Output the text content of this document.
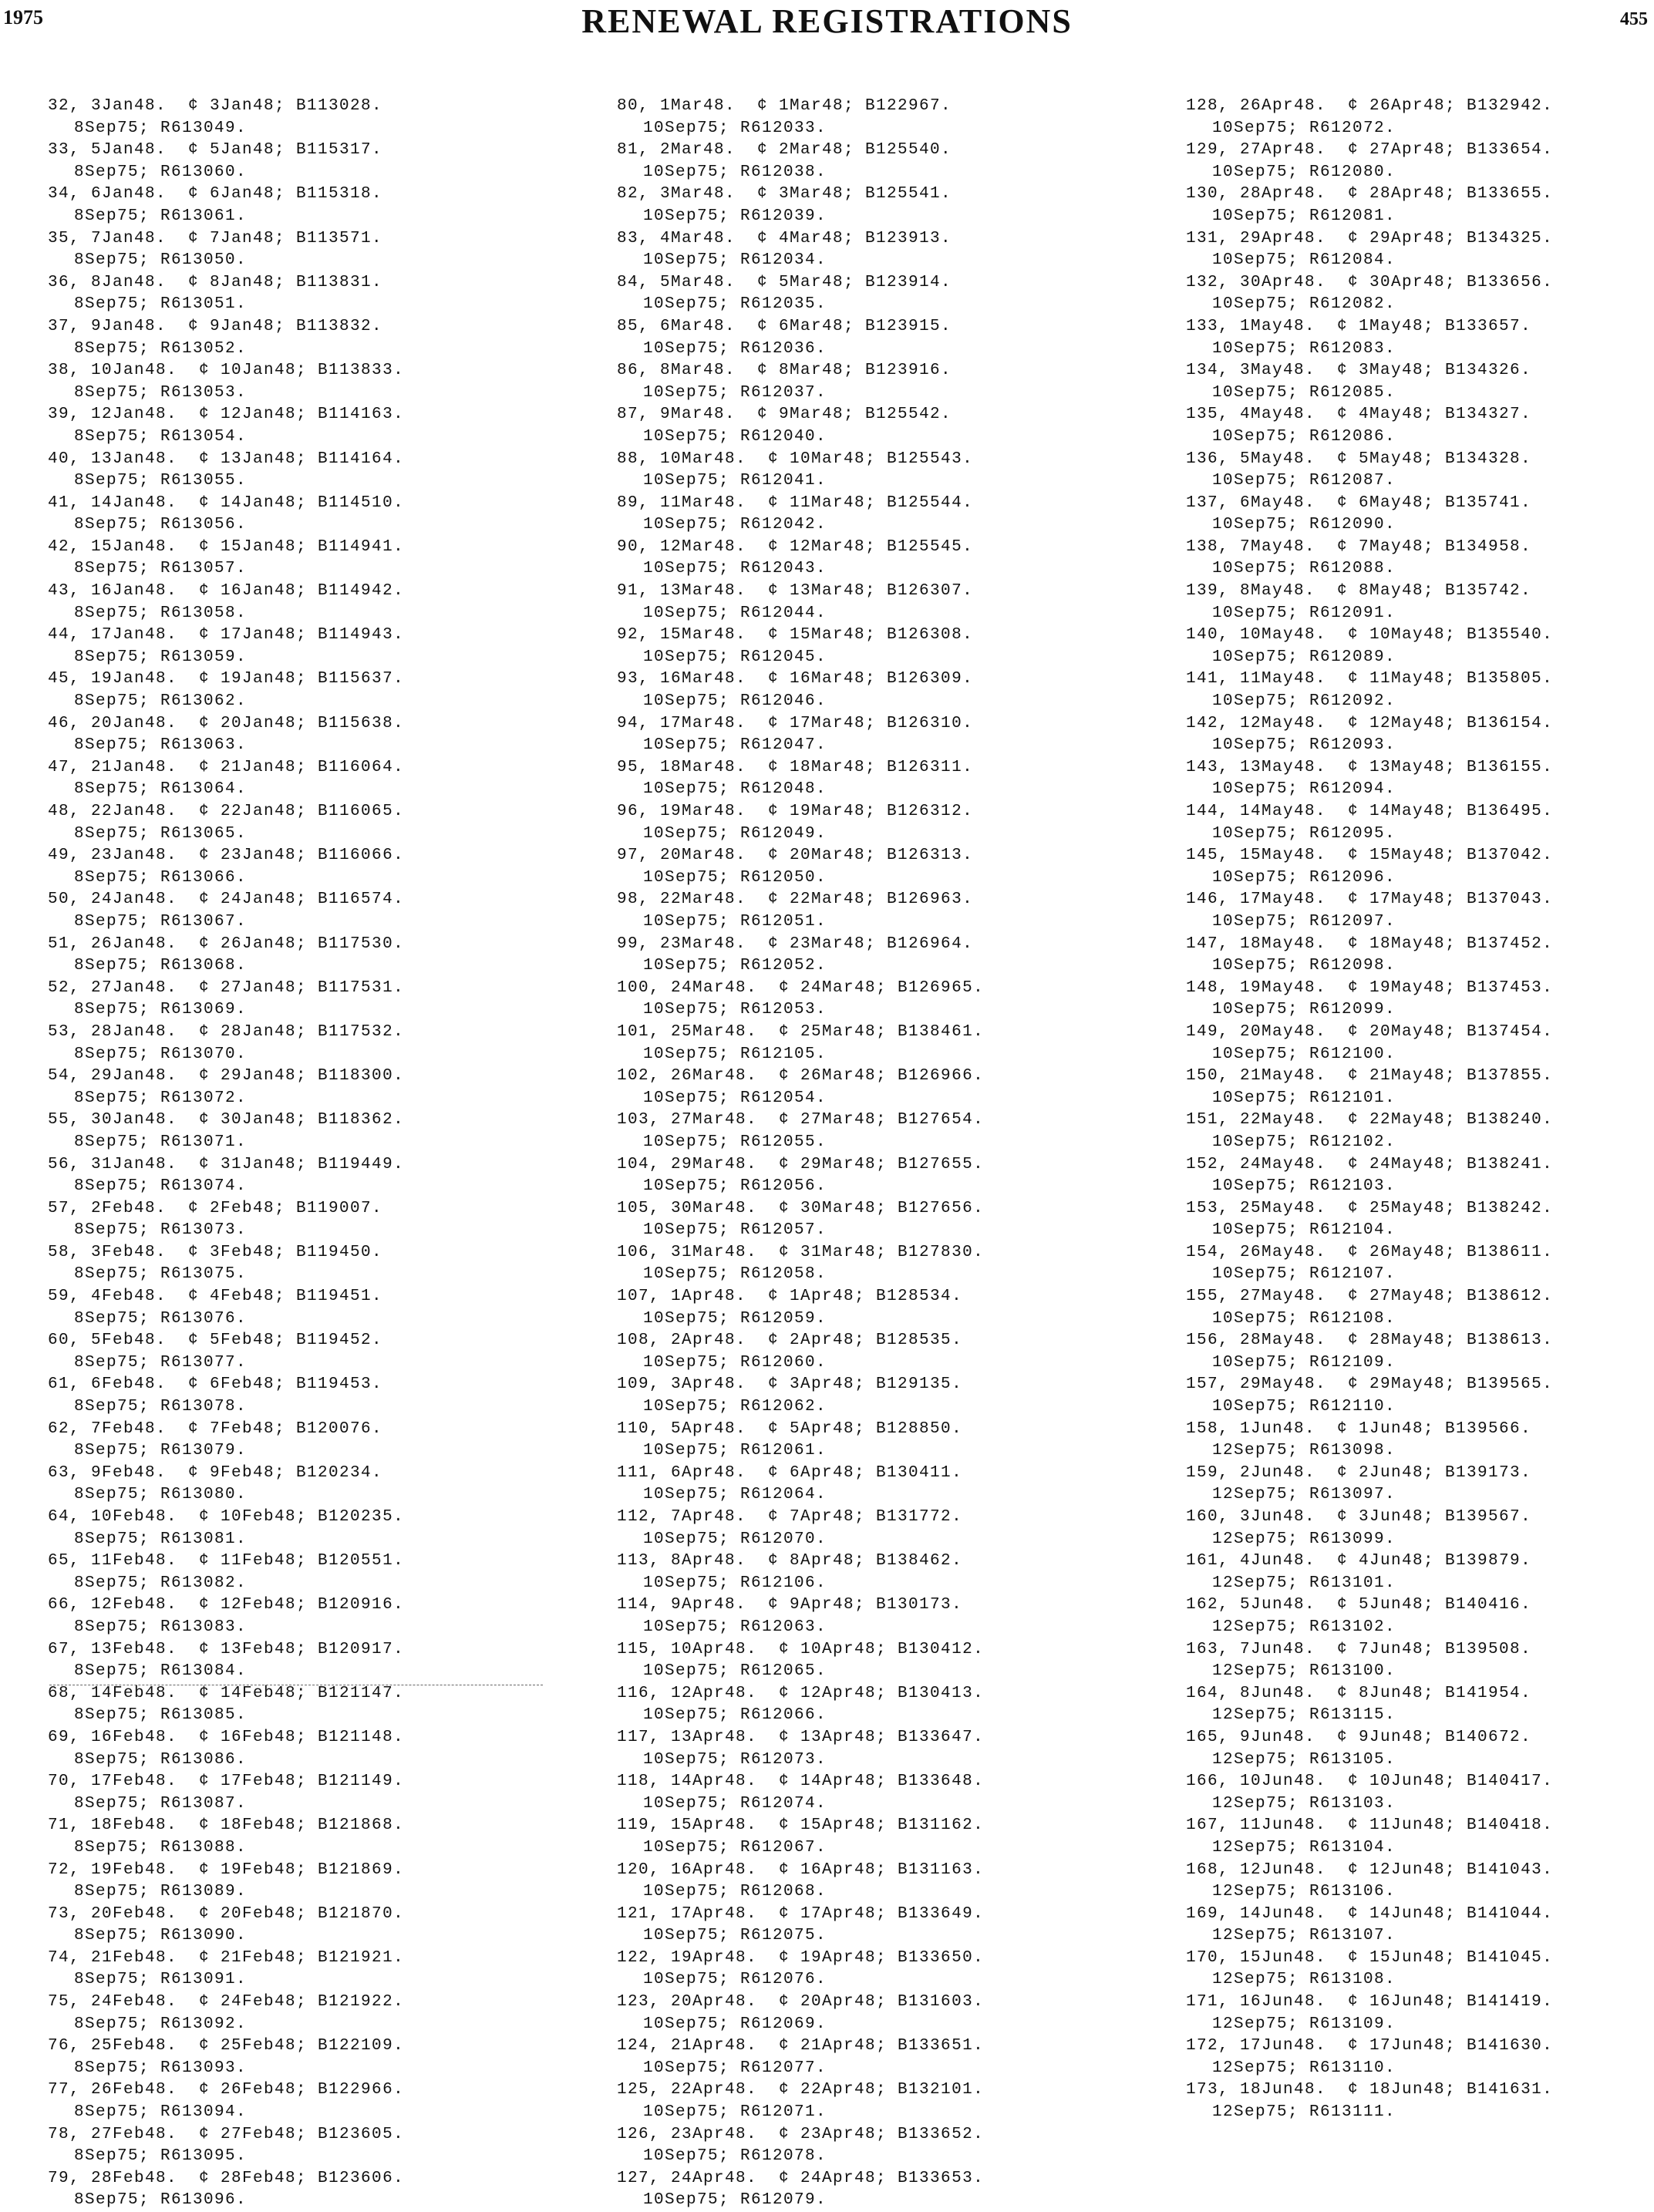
1975	RENEWAL REGISTRATIONS	455
32, 3Jan48.  ¢ 3Jan48; B113028.
8Sep75; R613049.
33, 5Jan48.  ¢ 5Jan48; B115317.
8Sep75; R613060.
34, 6Jan48.  ¢ 6Jan48; B115318.
8Sep75; R613061.
35, 7Jan48.  ¢ 7Jan48; B113571.
8Sep75; R613050.
36, 8Jan48.  ¢ 8Jan48; B113831.
8Sep75; R613051.
37, 9Jan48.  ¢ 9Jan48; B113832.
8Sep75; R613052.
38, 10Jan48.  ¢ 10Jan48; B113833.
8Sep75; R613053.
39, 12Jan48.  ¢ 12Jan48; B114163.
8Sep75; R613054.
40, 13Jan48.  ¢ 13Jan48; B114164.
8Sep75; R613055.
41, 14Jan48.  ¢ 14Jan48; B114510.
8Sep75; R613056.
42, 15Jan48.  ¢ 15Jan48; B114941.
8Sep75; R613057.
43, 16Jan48.  ¢ 16Jan48; B114942.
8Sep75; R613058.
44, 17Jan48.  ¢ 17Jan48; B114943.
8Sep75; R613059.
45, 19Jan48.  ¢ 19Jan48; B115637.
8Sep75; R613062.
46, 20Jan48.  ¢ 20Jan48; B115638.
8Sep75; R613063.
47, 21Jan48.  ¢ 21Jan48; B116064.
8Sep75; R613064.
48, 22Jan48.  ¢ 22Jan48; B116065.
8Sep75; R613065.
49, 23Jan48.  ¢ 23Jan48; B116066.
8Sep75; R613066.
50, 24Jan48.  ¢ 24Jan48; B116574.
8Sep75; R613067.
51, 26Jan48.  ¢ 26Jan48; B117530.
8Sep75; R613068.
52, 27Jan48.  ¢ 27Jan48; B117531.
8Sep75; R613069.
53, 28Jan48.  ¢ 28Jan48; B117532.
8Sep75; R613070.
54, 29Jan48.  ¢ 29Jan48; B118300.
8Sep75; R613072.
55, 30Jan48.  ¢ 30Jan48; B118362.
8Sep75; R613071.
56, 31Jan48.  ¢ 31Jan48; B119449.
8Sep75; R613074.
57, 2Feb48.  ¢ 2Feb48; B119007.
8Sep75; R613073.
58, 3Feb48.  ¢ 3Feb48; B119450.
8Sep75; R613075.
59, 4Feb48.  ¢ 4Feb48; B119451.
8Sep75; R613076.
60, 5Feb48.  ¢ 5Feb48; B119452.
8Sep75; R613077.
61, 6Feb48.  ¢ 6Feb48; B119453.
8Sep75; R613078.
62, 7Feb48.  ¢ 7Feb48; B120076.
8Sep75; R613079.
63, 9Feb48.  ¢ 9Feb48; B120234.
8Sep75; R613080.
64, 10Feb48.  ¢ 10Feb48; B120235.
8Sep75; R613081.
65, 11Feb48.  ¢ 11Feb48; B120551.
8Sep75; R613082.
66, 12Feb48.  ¢ 12Feb48; B120916.
8Sep75; R613083.
67, 13Feb48.  ¢ 13Feb48; B120917.
8Sep75; R613084.
68, 14Feb48.  ¢ 14Feb48; B121147.
8Sep75; R613085.
69, 16Feb48.  ¢ 16Feb48; B121148.
8Sep75; R613086.
70, 17Feb48.  ¢ 17Feb48; B121149.
8Sep75; R613087.
71, 18Feb48.  ¢ 18Feb48; B121868.
8Sep75; R613088.
72, 19Feb48.  ¢ 19Feb48; B121869.
8Sep75; R613089.
73, 20Feb48.  ¢ 20Feb48; B121870.
8Sep75; R613090.
74, 21Feb48.  ¢ 21Feb48; B121921.
8Sep75; R613091.
75, 24Feb48.  ¢ 24Feb48; B121922.
8Sep75; R613092.
76, 25Feb48.  ¢ 25Feb48; B122109.
8Sep75; R613093.
77, 26Feb48.  ¢ 26Feb48; B122966.
8Sep75; R613094.
78, 27Feb48.  ¢ 27Feb48; B123605.
8Sep75; R613095.
79, 28Feb48.  ¢ 28Feb48; B123606.
8Sep75; R613096.
80, 1Mar48.  ¢ 1Mar48; B122967.
10Sep75; R612033.
81, 2Mar48.  ¢ 2Mar48; B125540.
10Sep75; R612038.
82, 3Mar48.  ¢ 3Mar48; B125541.
10Sep75; R612039.
83, 4Mar48.  ¢ 4Mar48; B123913.
10Sep75; R612034.
84, 5Mar48.  ¢ 5Mar48; B123914.
10Sep75; R612035.
85, 6Mar48.  ¢ 6Mar48; B123915.
10Sep75; R612036.
86, 8Mar48.  ¢ 8Mar48; B123916.
10Sep75; R612037.
87, 9Mar48.  ¢ 9Mar48; B125542.
10Sep75; R612040.
88, 10Mar48.  ¢ 10Mar48; B125543.
10Sep75; R612041.
89, 11Mar48.  ¢ 11Mar48; B125544.
10Sep75; R612042.
90, 12Mar48.  ¢ 12Mar48; B125545.
10Sep75; R612043.
91, 13Mar48.  ¢ 13Mar48; B126307.
10Sep75; R612044.
92, 15Mar48.  ¢ 15Mar48; B126308.
10Sep75; R612045.
93, 16Mar48.  ¢ 16Mar48; B126309.
10Sep75; R612046.
94, 17Mar48.  ¢ 17Mar48; B126310.
10Sep75; R612047.
95, 18Mar48.  ¢ 18Mar48; B126311.
10Sep75; R612048.
96, 19Mar48.  ¢ 19Mar48; B126312.
10Sep75; R612049.
97, 20Mar48.  ¢ 20Mar48; B126313.
10Sep75; R612050.
98, 22Mar48.  ¢ 22Mar48; B126963.
10Sep75; R612051.
99, 23Mar48.  ¢ 23Mar48; B126964.
10Sep75; R612052.
100, 24Mar48.  ¢ 24Mar48; B126965.
10Sep75; R612053.
101, 25Mar48.  ¢ 25Mar48; B138461.
10Sep75; R612105.
102, 26Mar48.  ¢ 26Mar48; B126966.
10Sep75; R612054.
103, 27Mar48.  ¢ 27Mar48; B127654.
10Sep75; R612055.
104, 29Mar48.  ¢ 29Mar48; B127655.
10Sep75; R612056.
105, 30Mar48.  ¢ 30Mar48; B127656.
10Sep75; R612057.
106, 31Mar48.  ¢ 31Mar48; B127830.
10Sep75; R612058.
107, 1Apr48.  ¢ 1Apr48; B128534.
10Sep75; R612059.
108, 2Apr48.  ¢ 2Apr48; B128535.
10Sep75; R612060.
109, 3Apr48.  ¢ 3Apr48; B129135.
10Sep75; R612062.
110, 5Apr48.  ¢ 5Apr48; B128850.
10Sep75; R612061.
111, 6Apr48.  ¢ 6Apr48; B130411.
10Sep75; R612064.
112, 7Apr48.  ¢ 7Apr48; B131772.
10Sep75; R612070.
113, 8Apr48.  ¢ 8Apr48; B138462.
10Sep75; R612106.
114, 9Apr48.  ¢ 9Apr48; B130173.
10Sep75; R612063.
115, 10Apr48.  ¢ 10Apr48; B130412.
10Sep75; R612065.
116, 12Apr48.  ¢ 12Apr48; B130413.
10Sep75; R612066.
117, 13Apr48.  ¢ 13Apr48; B133647.
10Sep75; R612073.
118, 14Apr48.  ¢ 14Apr48; B133648.
10Sep75; R612074.
119, 15Apr48.  ¢ 15Apr48; B131162.
10Sep75; R612067.
120, 16Apr48.  ¢ 16Apr48; B131163.
10Sep75; R612068.
121, 17Apr48.  ¢ 17Apr48; B133649.
10Sep75; R612075.
122, 19Apr48.  ¢ 19Apr48; B133650.
10Sep75; R612076.
123, 20Apr48.  ¢ 20Apr48; B131603.
10Sep75; R612069.
124, 21Apr48.  ¢ 21Apr48; B133651.
10Sep75; R612077.
125, 22Apr48.  ¢ 22Apr48; B132101.
10Sep75; R612071.
126, 23Apr48.  ¢ 23Apr48; B133652.
10Sep75; R612078.
127, 24Apr48.  ¢ 24Apr48; B133653.
10Sep75; R612079.
128, 26Apr48.  ¢ 26Apr48; B132942.
10Sep75; R612072.
129, 27Apr48.  ¢ 27Apr48; B133654.
10Sep75; R612080.
130, 28Apr48.  ¢ 28Apr48; B133655.
10Sep75; R612081.
131, 29Apr48.  ¢ 29Apr48; B134325.
10Sep75; R612084.
132, 30Apr48.  ¢ 30Apr48; B133656.
10Sep75; R612082.
133, 1May48.  ¢ 1May48; B133657.
10Sep75; R612083.
134, 3May48.  ¢ 3May48; B134326.
10Sep75; R612085.
135, 4May48.  ¢ 4May48; B134327.
10Sep75; R612086.
136, 5May48.  ¢ 5May48; B134328.
10Sep75; R612087.
137, 6May48.  ¢ 6May48; B135741.
10Sep75; R612090.
138, 7May48.  ¢ 7May48; B134958.
10Sep75; R612088.
139, 8May48.  ¢ 8May48; B135742.
10Sep75; R612091.
140, 10May48.  ¢ 10May48; B135540.
10Sep75; R612089.
141, 11May48.  ¢ 11May48; B135805.
10Sep75; R612092.
142, 12May48.  ¢ 12May48; B136154.
10Sep75; R612093.
143, 13May48.  ¢ 13May48; B136155.
10Sep75; R612094.
144, 14May48.  ¢ 14May48; B136495.
10Sep75; R612095.
145, 15May48.  ¢ 15May48; B137042.
10Sep75; R612096.
146, 17May48.  ¢ 17May48; B137043.
10Sep75; R612097.
147, 18May48.  ¢ 18May48; B137452.
10Sep75; R612098.
148, 19May48.  ¢ 19May48; B137453.
10Sep75; R612099.
149, 20May48.  ¢ 20May48; B137454.
10Sep75; R612100.
150, 21May48.  ¢ 21May48; B137855.
10Sep75; R612101.
151, 22May48.  ¢ 22May48; B138240.
10Sep75; R612102.
152, 24May48.  ¢ 24May48; B138241.
10Sep75; R612103.
153, 25May48.  ¢ 25May48; B138242.
10Sep75; R612104.
154, 26May48.  ¢ 26May48; B138611.
10Sep75; R612107.
155, 27May48.  ¢ 27May48; B138612.
10Sep75; R612108.
156, 28May48.  ¢ 28May48; B138613.
10Sep75; R612109.
157, 29May48.  ¢ 29May48; B139565.
10Sep75; R612110.
158, 1Jun48.  ¢ 1Jun48; B139566.
12Sep75; R613098.
159, 2Jun48.  ¢ 2Jun48; B139173.
12Sep75; R613097.
160, 3Jun48.  ¢ 3Jun48; B139567.
12Sep75; R613099.
161, 4Jun48.  ¢ 4Jun48; B139879.
12Sep75; R613101.
162, 5Jun48.  ¢ 5Jun48; B140416.
12Sep75; R613102.
163, 7Jun48.  ¢ 7Jun48; B139508.
12Sep75; R613100.
164, 8Jun48.  ¢ 8Jun48; B141954.
12Sep75; R613115.
165, 9Jun48.  ¢ 9Jun48; B140672.
12Sep75; R613105.
166, 10Jun48.  ¢ 10Jun48; B140417.
12Sep75; R613103.
167, 11Jun48.  ¢ 11Jun48; B140418.
12Sep75; R613104.
168, 12Jun48.  ¢ 12Jun48; B141043.
12Sep75; R613106.
169, 14Jun48.  ¢ 14Jun48; B141044.
12Sep75; R613107.
170, 15Jun48.  ¢ 15Jun48; B141045.
12Sep75; R613108.
171, 16Jun48.  ¢ 16Jun48; B141419.
12Sep75; R613109.
172, 17Jun48.  ¢ 17Jun48; B141630.
12Sep75; R613110.
173, 18Jun48.  ¢ 18Jun48; B141631.
12Sep75; R613111.
